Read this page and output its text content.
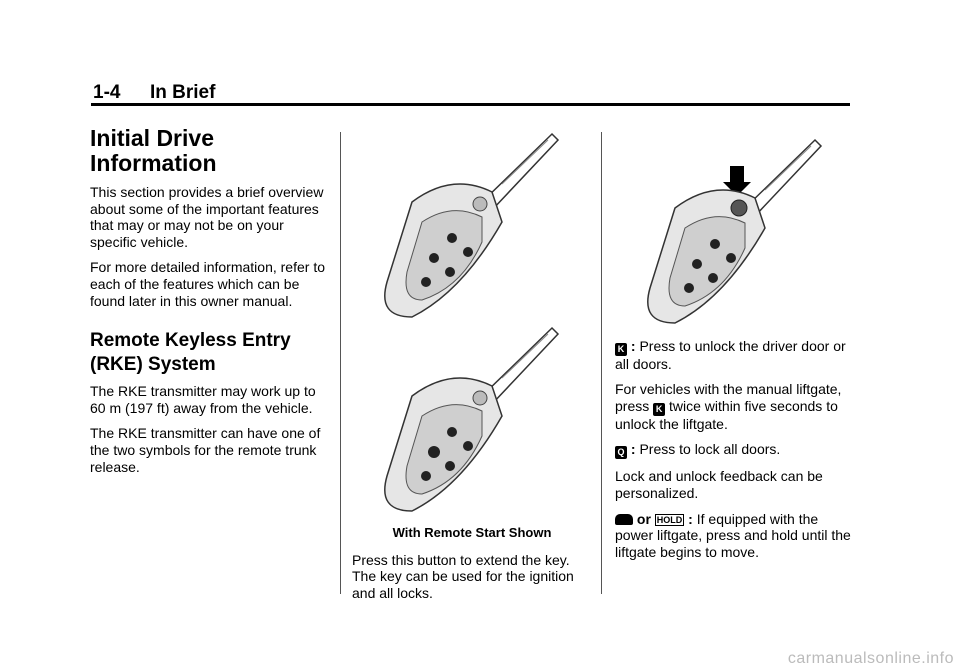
1-4 In Brief
Initial Drive Information

This section provides a brief overview about some of the important features that may or may not be on your specific vehicle.

For more detailed information, refer to each of the features which can be found later in this owner manual.

Remote Keyless Entry (RKE) System

The RKE transmitter may work up to 60 m (197 ft) away from the vehicle.

The RKE transmitter can have one of the two symbols for the remote trunk release.

With Remote Start Shown

Press this button to extend the key. The key can be used for the ignition and all locks.

K : Press to unlock the driver door or all doors.

For vehicles with the manual liftgate, press K twice within five seconds to unlock the liftgate.

Q : Press to lock all doors.

Lock and unlock feedback can be personalized.

or HOLD : If equipped with the power liftgate, press and hold until the liftgate begins to move.

carmanualsonline.info
